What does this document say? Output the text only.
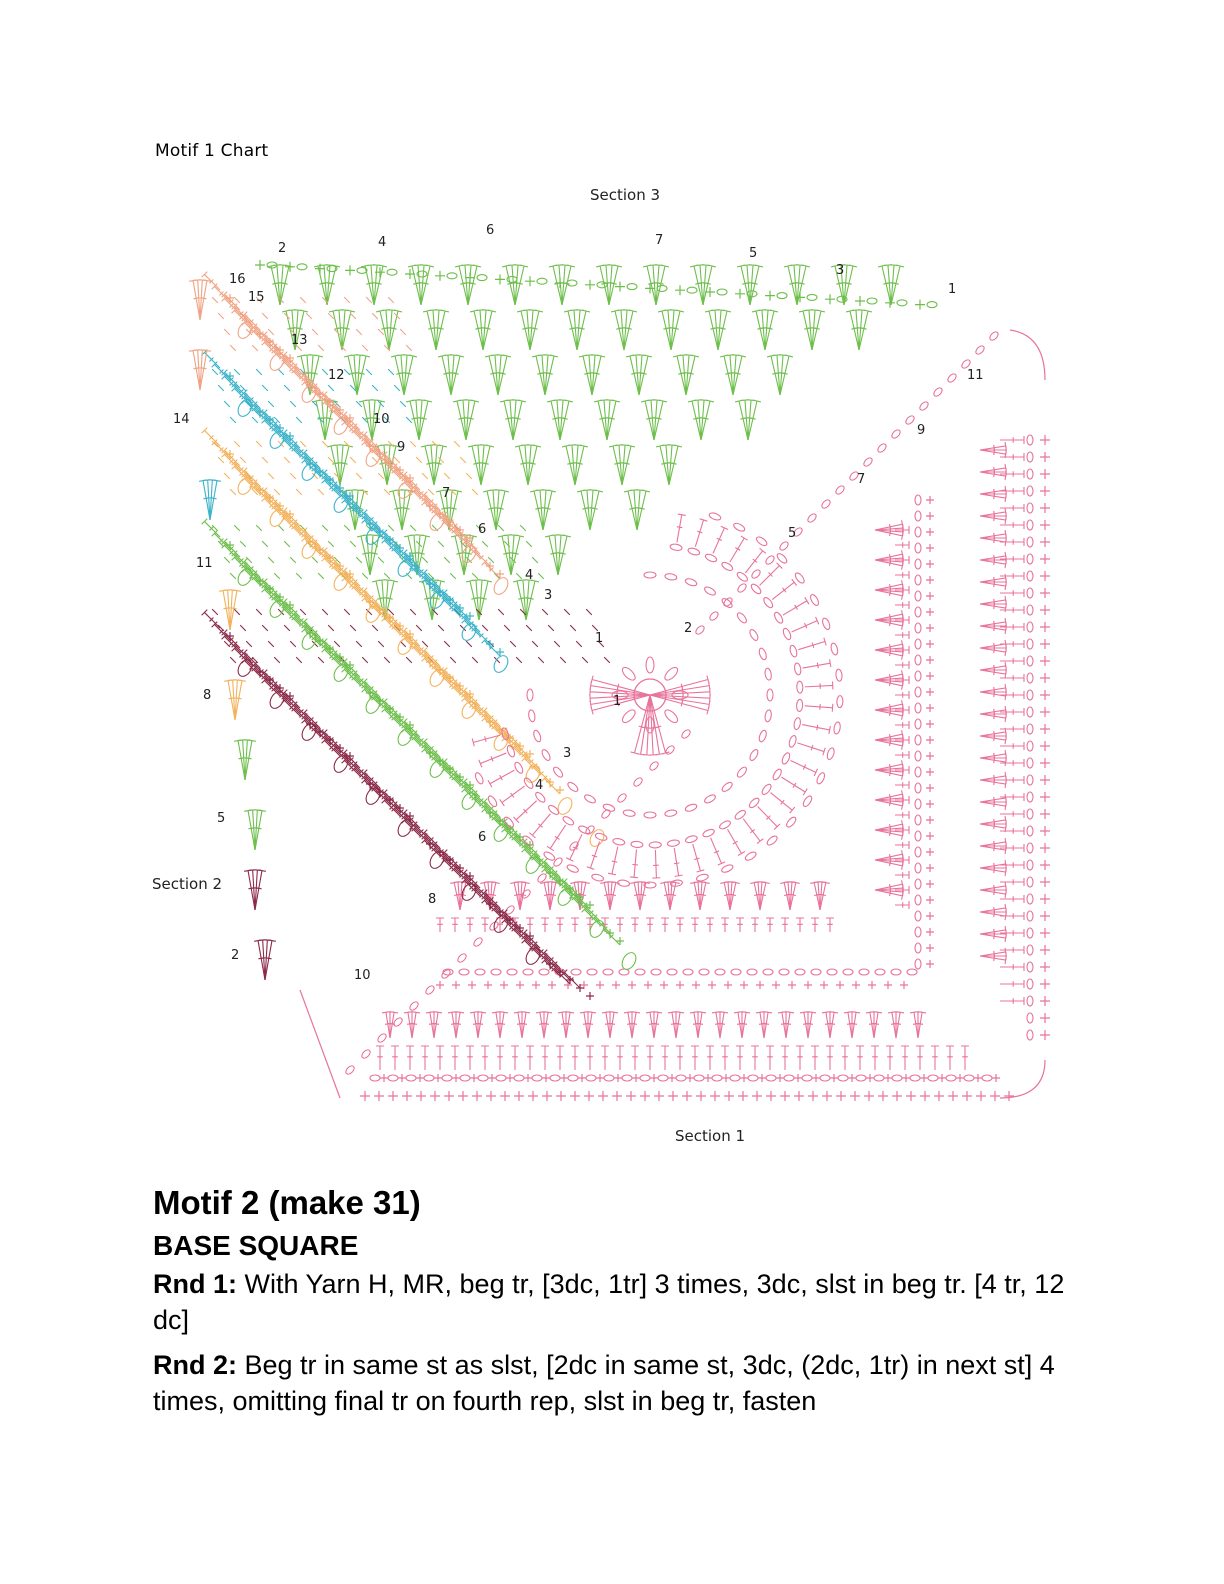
Motif 1 Chart
Section 3
Section 2
Section 1
2	4
6
7
5
3
1
16
15
13
12
10
9
7
6
4
3
1
14
11
8
5
2
2
1
3
4
6
8
10
11
9
7
5
Motif 2 (make 31)
BASE SQUARE
Rnd 1: With Yarn H, MR, beg tr, [3dc, 1tr] 3 times, 3dc, slst in beg tr. [4 tr, 12 dc]
Rnd 2: Beg tr in same st as slst, [2dc in same st, 3dc, (2dc, 1tr) in next st] 4 times, omitting final tr on fourth rep, slst in beg tr, fasten
